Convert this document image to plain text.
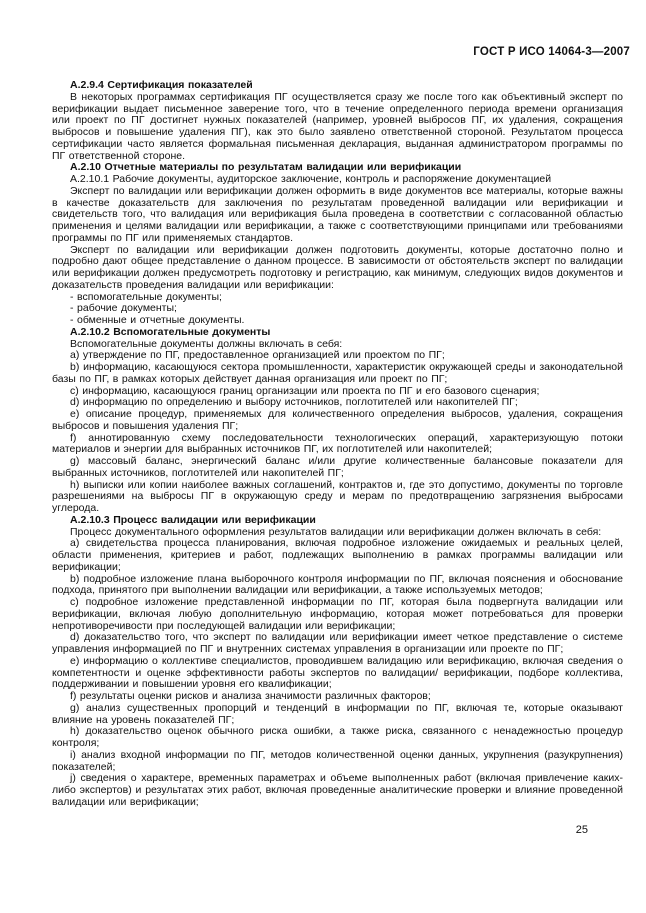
ГОСТ Р ИСО 14064-3—2007

А.2.9.4 Сертификация показателей

В некоторых программах сертификация ПГ осуществляется сразу же после того как объективный эксперт по верификации выдает письменное заверение того, что в течение определенного периода времени организация или проект по ПГ достигнет нужных показателей (например, уровней выбросов ПГ, их удаления, сокращения выбросов и повышение удаления ПГ), как это было заявлено ответственной стороной. Результатом процесса сертификации часто является формальная письменная декларация, выданная администратором программы по ПГ ответственной стороне.

А.2.10 Отчетные материалы по результатам валидации или верификации

А.2.10.1 Рабочие документы, аудиторское заключение, контроль и распоряжение документацией

Эксперт по валидации или верификации должен оформить в виде документов все материалы, которые важны в качестве доказательств для заключения по результатам проведенной валидации или верификации и свидетельств того, что валидация или верификация была проведена в соответствии с согласованной областью применения и целями валидации или верификации, а также с соответствующими принципами или требованиями программы по ПГ или применяемых стандартов.

Эксперт по валидации или верификации должен подготовить документы, которые достаточно полно и подробно дают общее представление о данном процессе. В зависимости от обстоятельств эксперт по валидации или верификации должен предусмотреть подготовку и регистрацию, как минимум, следующих видов документов и доказательств проведения валидации или верификации:

- вспомогательные документы;

- рабочие документы;

- обменные и отчетные документы.

А.2.10.2 Вспомогательные документы

Вспомогательные документы должны включать в себя:

a) утверждение по ПГ, предоставленное организацией или проектом по ПГ;

b) информацию, касающуюся сектора промышленности, характеристик окружающей среды и законодательной базы по ПГ, в рамках которых действует данная организация или проект по ПГ;

c) информацию, касающуюся границ организации или проекта по ПГ и его базового сценария;

d) информацию по определению и выбору источников, поглотителей или накопителей ПГ;

e) описание процедур, применяемых для количественного определения выбросов, удаления, сокращения выбросов и повышения удаления ПГ;

f) аннотированную схему последовательности технологических операций, характеризующую потоки материалов и энергии для выбранных источников ПГ, их поглотителей или накопителей;

g) массовый баланс, энергический баланс и/или другие количественные балансовые показатели для выбранных источников, поглотителей или накопителей ПГ;

h) выписки или копии наиболее важных соглашений, контрактов и, где это допустимо, документы по торговле разрешениями на выбросы ПГ в окружающую среду и мерам по предотвращению загрязнения выбросами углерода.

А.2.10.3 Процесс валидации или верификации

Процесс документального оформления результатов валидации или верификации должен включать в себя:

a) свидетельства процесса планирования, включая подробное изложение ожидаемых и реальных целей, области применения, критериев и работ, подлежащих выполнению в рамках программы валидации или верификации;

b) подробное изложение плана выборочного контроля информации по ПГ, включая пояснения и обоснование подхода, принятого при выполнении валидации или верификации, а также используемых методов;

c) подробное изложение представленной информации по ПГ, которая была подвергнута валидации или верификации, включая любую дополнительную информацию, которая может потребоваться для проверки непротиворечивости при последующей валидации или верификации;

d) доказательство того, что эксперт по валидации или верификации имеет четкое представление о системе управления информацией по ПГ и внутренних системах управления в организации или проекте по ПГ;

e) информацию о коллективе специалистов, проводившем валидацию или верификацию, включая сведения о компетентности и оценке эффективности работы экспертов по валидации/ верификации, подборе коллектива, поддерживании и повышении уровня его квалификации;

f) результаты оценки рисков и анализа значимости различных факторов;

g) анализ существенных пропорций и тенденций в информации по ПГ, включая те, которые оказывают влияние на уровень показателей ПГ;

h) доказательство оценок обычного риска ошибки, а также риска, связанного с ненадежностью процедур контроля;

i) анализ входной информации по ПГ, методов количественной оценки данных, укрупнения (разукрупнения) показателей;

j) сведения о характере, временных параметрах и объеме выполненных работ (включая привлечение каких-либо экспертов) и результатах этих работ, включая проведенные аналитические проверки и влияние проведенной валидации или верификации;

25
